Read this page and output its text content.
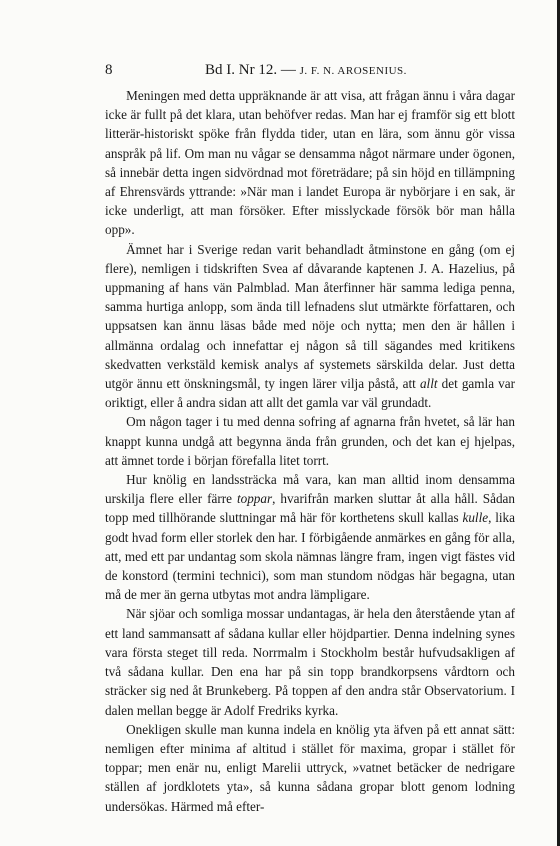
8	Bd I. Nr 12. — J. F. N. AROSENIUS.

Meningen med detta uppräknande är att visa, att frågan ännu i våra dagar icke är fullt på det klara, utan behöfver redas. Man har ej framför sig ett blott litterär-historiskt spöke från flydda tider, utan en lära, som ännu gör vissa anspråk på lif. Om man nu vågar se densamma något närmare under ögonen, så innebär detta ingen sidvördnad mot företrädare; på sin höjd en tillämpning af Ehrensvärds yttrande: »När man i landet Europa är nybörjare i en sak, är icke underligt, att man försöker. Efter misslyckade försök bör man hålla opp».

Ämnet har i Sverige redan varit behandladt åtminstone en gång (om ej flere), nemligen i tidskriften Svea af dåvarande kaptenen J. A. Hazelius, på uppmaning af hans vän Palmblad. Man återfinner här samma lediga penna, samma hurtiga anlopp, som ända till lefnadens slut utmärkte författaren, och uppsatsen kan ännu läsas både med nöje och nytta; men den är hållen i allmänna ordalag och innefattar ej någon så till sägandes med kritikens skedvatten verkstäld kemisk analys af systemets särskilda delar. Just detta utgör ännu ett önskningsmål, ty ingen lärer vilja påstå, att allt det gamla var oriktigt, eller å andra sidan att allt det gamla var väl grundadt.

Om någon tager i tu med denna sofring af agnarna från hvetet, så lär han knappt kunna undgå att begynna ända från grunden, och det kan ej hjelpas, att ämnet torde i början förefalla litet torrt.

Hur knölig en landssträcka må vara, kan man alltid inom densamma urskilja flere eller färre toppar, hvarifrån marken sluttar åt alla håll. Sådan topp med tillhörande sluttningar må här för korthetens skull kallas kulle, lika godt hvad form eller storlek den har. I förbigående anmärkes en gång för alla, att, med ett par undantag som skola nämnas längre fram, ingen vigt fästes vid de konstord (termini technici), som man stundom nödgas här begagna, utan må de mer än gerna utbytas mot andra lämpligare.

När sjöar och somliga mossar undantagas, är hela den återstående ytan af ett land sammansatt af sådana kullar eller höjdpartier. Denna indelning synes vara första steget till reda. Norrmalm i Stockholm består hufvudsakligen af två sådana kullar. Den ena har på sin topp brandkorpsens vårdtorn och sträcker sig ned åt Brunkeberg. På toppen af den andra står Observatorium. I dalen mellan begge är Adolf Fredriks kyrka.

Onekligen skulle man kunna indela en knölig yta äfven på ett annat sätt: nemligen efter minima af altitud i stället för maxima, gropar i stället för toppar; men enär nu, enligt Marelii uttryck, »vatnet betäcker de nedrigare ställen af jordklotets yta», så kunna sådana gropar blott genom lodning undersökas. Härmed må efter-
